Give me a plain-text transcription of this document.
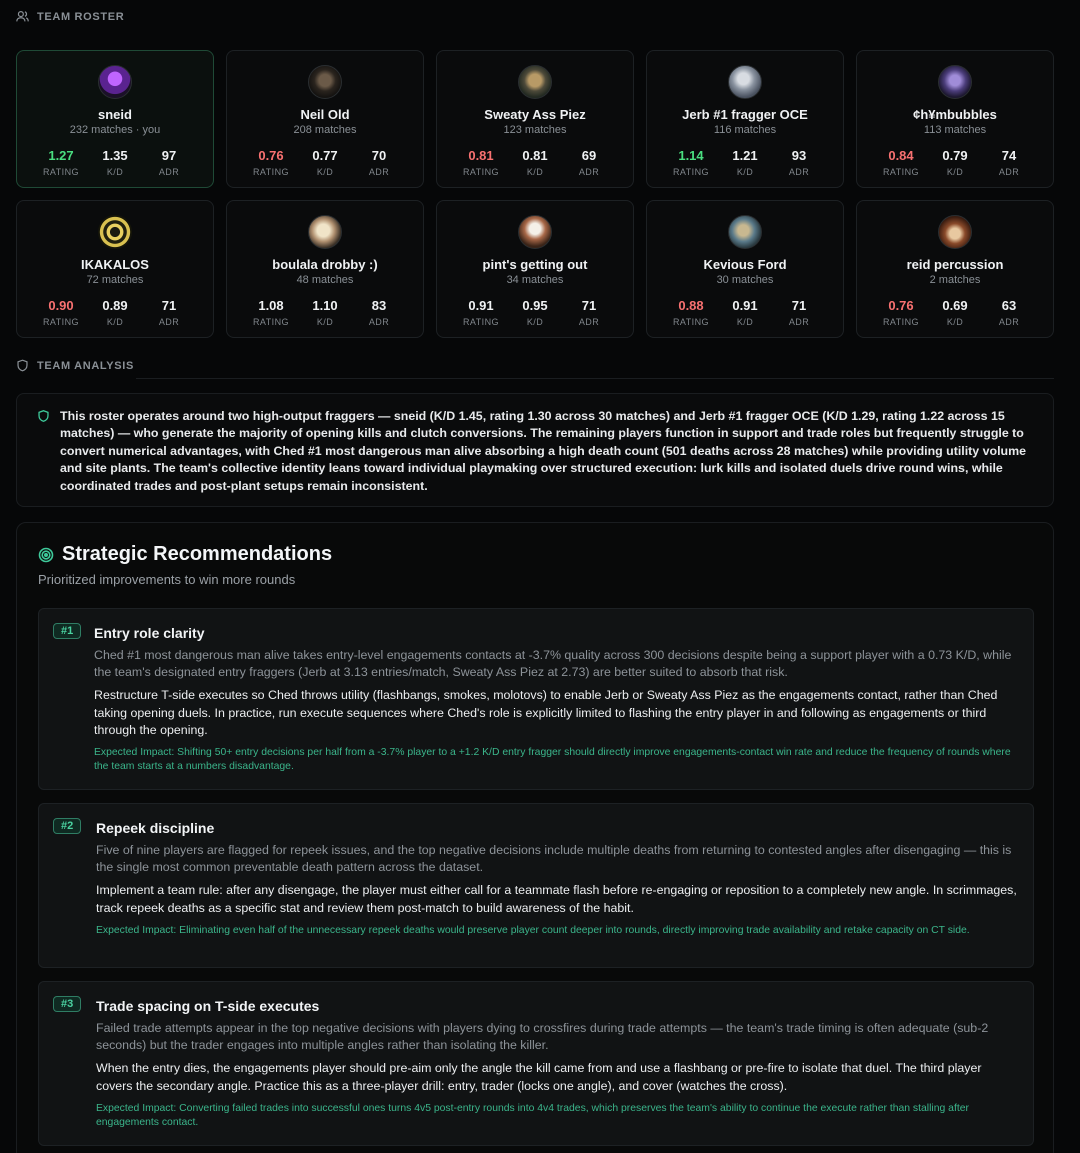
TEAM ROSTER
sneid
232 matches · you
1.27
RATING
1.35
K/D
97
ADR
Neil Old
208 matches
0.76
RATING
0.77
K/D
70
ADR
Sweaty Ass Piez
123 matches
0.81
RATING
0.81
K/D
69
ADR
Jerb #1 fragger OCE
116 matches
1.14
RATING
1.21
K/D
93
ADR
¢h¥mbubbles
113 matches
0.84
RATING
0.79
K/D
74
ADR
IKAKALOS
72 matches
0.90
RATING
0.89
K/D
71
ADR
boulala drobby :)
48 matches
1.08
RATING
1.10
K/D
83
ADR
pint's getting out
34 matches
0.91
RATING
0.95
K/D
71
ADR
Kevious Ford
30 matches
0.88
RATING
0.91
K/D
71
ADR
reid percussion
2 matches
0.76
RATING
0.69
K/D
63
ADR
TEAM ANALYSIS

This roster operates around two high-output fraggers — sneid (K/D 1.45, rating 1.30 across 30 matches) and Jerb #1 fragger OCE (K/D 1.29, rating 1.22 across 15 matches) — who generate the majority of opening kills and clutch conversions. The remaining players function in support and trade roles but frequently struggle to convert numerical advantages, with Ched #1 most dangerous man alive absorbing a high death count (501 deaths across 28 matches) while providing utility volume and site plants. The team's collective identity leans toward individual playmaking over structured execution: lurk kills and isolated duels drive round wins, while coordinated trades and post-plant setups remain inconsistent.

Strategic Recommendations
Prioritized improvements to win more rounds
#1	Entry role clarity

Ched #1 most dangerous man alive takes entry-level engagements contacts at -3.7% quality across 300 decisions despite being a support player with a 0.73 K/D, while the team's designated entry fraggers (Jerb at 3.13 entries/match, Sweaty Ass Piez at 2.73) are better suited to absorb that risk.

Restructure T-side executes so Ched throws utility (flashbangs, smokes, molotovs) to enable Jerb or Sweaty Ass Piez as the engagements contact, rather than Ched taking opening duels. In practice, run execute sequences where Ched's role is explicitly limited to flashing the entry player in and following as engagements or third through the opening.

Expected Impact: Shifting 50+ entry decisions per half from a -3.7% player to a +1.2 K/D entry fragger should directly improve engagements-contact win rate and reduce the frequency of rounds where the team starts at a numbers disadvantage.

#2	Repeek discipline

Five of nine players are flagged for repeek issues, and the top negative decisions include multiple deaths from returning to contested angles after disengaging — this is the single most common preventable death pattern across the dataset.

Implement a team rule: after any disengage, the player must either call for a teammate flash before re-engaging or reposition to a completely new angle. In scrimmages, track repeek deaths as a specific stat and review them post-match to build awareness of the habit.

Expected Impact: Eliminating even half of the unnecessary repeek deaths would preserve player count deeper into rounds, directly improving trade availability and retake capacity on CT side.

#3	Trade spacing on T-side executes

Failed trade attempts appear in the top negative decisions with players dying to crossfires during trade attempts — the team's trade timing is often adequate (sub-2 seconds) but the trader engages into multiple angles rather than isolating the killer.

When the entry dies, the engagements player should pre-aim only the angle the kill came from and use a flashbang or pre-fire to isolate that duel. The third player covers the secondary angle. Practice this as a three-player drill: entry, trader (locks one angle), and cover (watches the cross).

Expected Impact: Converting failed trades into successful ones turns 4v5 post-entry rounds into 4v4 trades, which preserves the team's ability to continue the execute rather than stalling after engagements contact.
